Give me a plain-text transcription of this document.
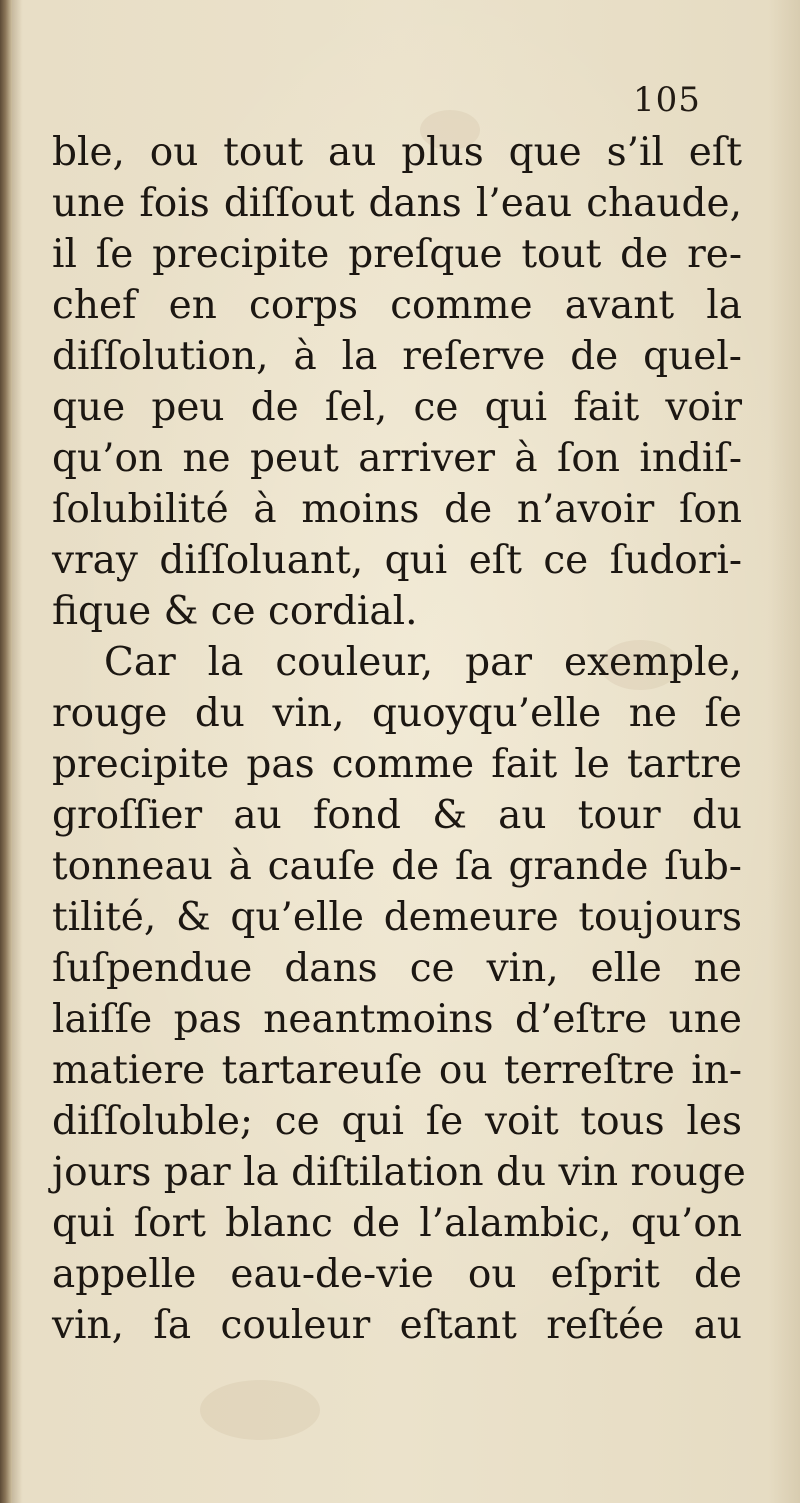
105
ble, ou tout au plus que s’il eſt
une fois diſſout dans l’eau chaude,
il ſe precipite preſque tout de re-
chef en corps comme avant la
diſſolution, à la reſerve de quel-
que peu de ſel, ce qui fait voir
qu’on ne peut arriver à ſon indiſ-
ſolubilité à moins de n’avoir ſon
vray diſſoluant, qui eſt ce ſudori-
fique & ce cordial.
Car la couleur, par exemple,
rouge du vin, quoyqu’elle ne ſe
precipite pas comme fait le tartre
groſſier au fond & au tour du
tonneau à cauſe de ſa grande ſub-
tilité, & qu’elle demeure toujours
ſuſpendue dans ce vin, elle ne
laiſſe pas neantmoins d’eſtre une
matiere tartareuſe ou terreſtre in-
diſſoluble; ce qui ſe voit tous les
jours par la diſtilation du vin rouge
qui ſort blanc de l’alambic, qu’on
appelle eau-de-vie ou eſprit de
vin, ſa couleur eſtant reſtée au
